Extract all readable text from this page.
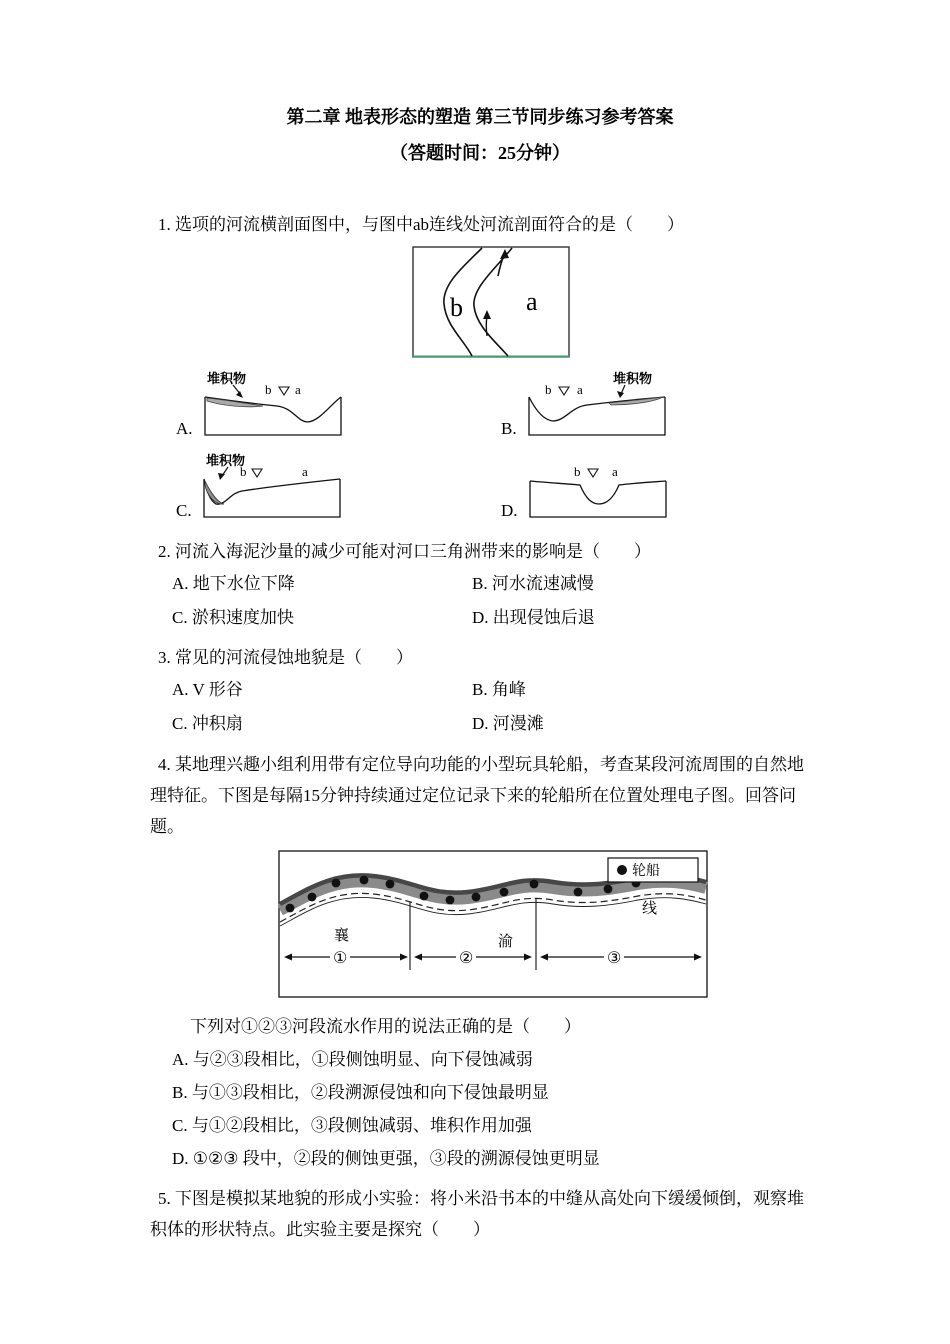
第二章 地表形态的塑造 第三节同步练习参考答案
（答题时间：25分钟）

1. 选项的河流横剖面图中，与图中ab连线处河流剖面符合的是（　　）

b a
A.
堆积物
b a
B.
堆积物
b a
C.
堆积物
b	a
D.
b a

2. 河流入海泥沙量的减少可能对河口三角洲带来的影响是（　　）

A. 地下水位下降	B. 河水流速减慢
C. 淤积速度加快	D. 出现侵蚀后退

3. 常见的河流侵蚀地貌是（　　）

A. V 形谷	B. 角峰
C. 冲积扇	D. 河漫滩

4. 某地理兴趣小组利用带有定位导向功能的小型玩具轮船，考查某段河流周围的自然地理特征。下图是每隔15分钟持续通过定位记录下来的轮船所在位置处理电子图。回答问题。

轮船
襄	渝
线
①	②	③

下列对①②③河段流水作用的说法正确的是（　　）

A. 与②③段相比，①段侧蚀明显、向下侵蚀减弱

B. 与①③段相比，②段溯源侵蚀和向下侵蚀最明显

C. 与①②段相比，③段侧蚀减弱、堆积作用加强

D. ①②③ 段中，②段的侧蚀更强，③段的溯源侵蚀更明显

5. 下图是模拟某地貌的形成小实验：将小米沿书本的中缝从高处向下缓缓倾倒，观察堆积体的形状特点。此实验主要是探究（　　）
